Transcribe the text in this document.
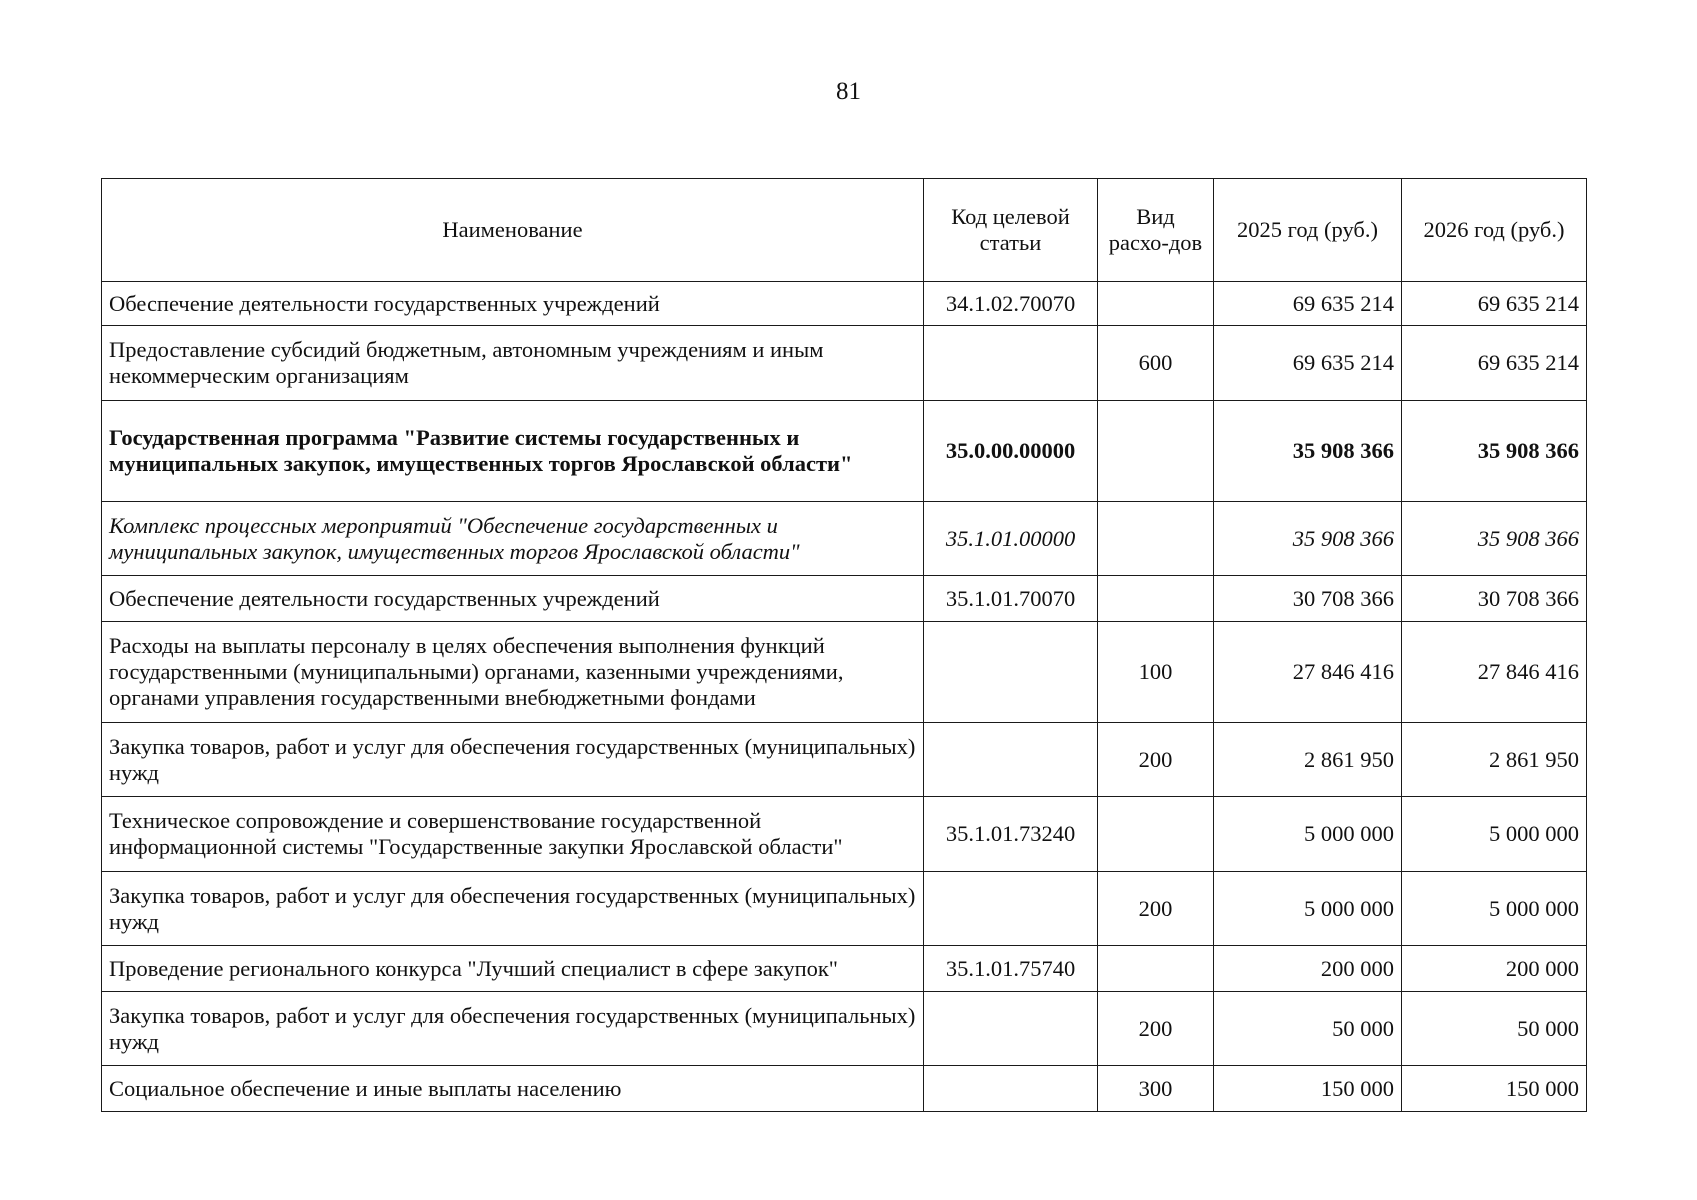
81
Наименование	Код целевой статьи	Вид расхо-дов	2025 год (руб.)	2026 год (руб.)
Обеспечение деятельности государственных учреждений	34.1.02.70070		69 635 214	69 635 214
Предоставление субсидий бюджетным, автономным учреждениям и иным некоммерческим организациям		600	69 635 214	69 635 214
Государственная программа "Развитие системы государственных и муниципальных закупок, имущественных торгов Ярославской области"	35.0.00.00000		35 908 366	35 908 366
Комплекс процессных мероприятий "Обеспечение государственных и муниципальных закупок, имущественных торгов Ярославской области"	35.1.01.00000		35 908 366	35 908 366
Обеспечение деятельности государственных учреждений	35.1.01.70070		30 708 366	30 708 366
Расходы на выплаты персоналу в целях обеспечения выполнения функций государственными (муниципальными) органами, казенными учреждениями, органами управления государственными внебюджетными фондами		100	27 846 416	27 846 416
Закупка товаров, работ и услуг для обеспечения государственных (муниципальных) нужд		200	2 861 950	2 861 950
Техническое сопровождение и совершенствование государственной информационной системы "Государственные закупки Ярославской области"	35.1.01.73240		5 000 000	5 000 000
Закупка товаров, работ и услуг для обеспечения государственных (муниципальных) нужд		200	5 000 000	5 000 000
Проведение регионального конкурса "Лучший специалист в сфере закупок"	35.1.01.75740		200 000	200 000
Закупка товаров, работ и услуг для обеспечения государственных (муниципальных) нужд		200	50 000	50 000
Социальное обеспечение и иные выплаты населению		300	150 000	150 000
